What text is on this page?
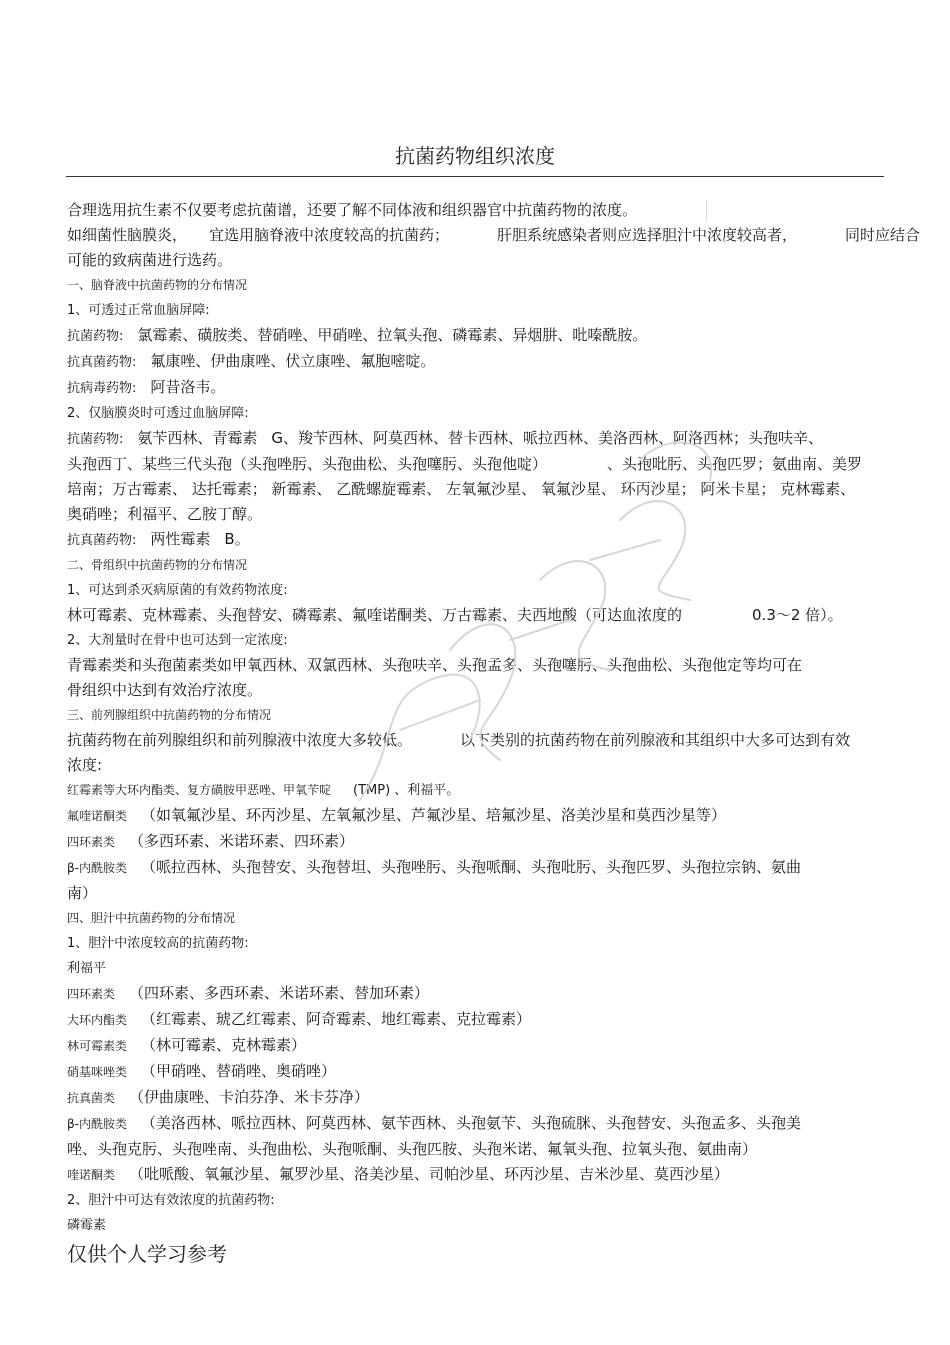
抗菌药物组织浓度

合理选用抗生素不仅要考虑抗菌谱，还要了解不同体液和组织器官中抗菌药物的浓度。

如细菌性脑膜炎， 宜选用脑脊液中浓度较高的抗菌药；	肝胆系统感染者则应选择胆汁中浓度较高者，	同时应结合

可能的致病菌进行选药。

一、脑脊液中抗菌药物的分布情况

1、可透过正常血脑屏障:

抗菌药物: 氯霉素、磺胺类、替硝唑、甲硝唑、拉氧头孢、磷霉素、异烟肼、吡嗪酰胺。

抗真菌药物: 氟康唑、伊曲康唑、伏立康唑、氟胞嘧啶。

抗病毒药物: 阿昔洛韦。

2、仅脑膜炎时可透过血脑屏障:

抗菌药物: 氨苄西林、青霉素 G、羧苄西林、阿莫西林、替卡西林、哌拉西林、美洛西林、阿洛西林；头孢呋辛、

头孢西丁、某些三代头孢（头孢唑肟、头孢曲松、头孢噻肟、头孢他啶）	、头孢吡肟、头孢匹罗；氨曲南、美罗

培南；万古霉素、 达托霉素； 新霉素、 乙酰螺旋霉素、 左氧氟沙星、 氧氟沙星、 环丙沙星； 阿米卡星； 克林霉素、

奥硝唑；利福平、乙胺丁醇。

抗真菌药物: 两性霉素 B。

二、骨组织中抗菌药物的分布情况

1、可达到杀灭病原菌的有效药物浓度:

林可霉素、克林霉素、头孢替安、磷霉素、氟喹诺酮类、万古霉素、夫西地酸（可达血浓度的	0.3～2 倍）。

2、大剂量时在骨中也可达到一定浓度:

青霉素类和头孢菌素类如甲氧西林、双氯西林、头孢呋辛、头孢孟多、头孢噻肟、头孢曲松、头孢他定等均可在

骨组织中达到有效治疗浓度。

三、前列腺组织中抗菌药物的分布情况

抗菌药物在前列腺组织和前列腺液中浓度大多较低。	以下类别的抗菌药物在前列腺液和其组织中大多可达到有效

浓度:

红霉素等大环内酯类、复方磺胺甲恶唑、甲氧苄啶 (TMP) 、利福平。

氟喹诺酮类 （如氧氟沙星、环丙沙星、左氧氟沙星、芦氟沙星、培氟沙星、洛美沙星和莫西沙星等）

四环素类 （多西环素、米诺环素、四环素）

β-内酰胺类 （哌拉西林、头孢替安、头孢替坦、头孢唑肟、头孢哌酮、头孢吡肟、头孢匹罗、头孢拉宗钠、氨曲

南）

四、胆汁中抗菌药物的分布情况

1、胆汁中浓度较高的抗菌药物:

利福平

四环素类 （四环素、多西环素、米诺环素、替加环素）

大环内酯类 （红霉素、琥乙红霉素、阿奇霉素、地红霉素、克拉霉素）

林可霉素类 （林可霉素、克林霉素）

硝基咪唑类 （甲硝唑、替硝唑、奥硝唑）

抗真菌类 （伊曲康唑、卡泊芬净、米卡芬净）

β-内酰胺类 （美洛西林、哌拉西林、阿莫西林、氨苄西林、头孢氨苄、头孢硫脒、头孢替安、头孢孟多、头孢美

唑、头孢克肟、头孢唑南、头孢曲松、头孢哌酮、头孢匹胺、头孢米诺、氟氧头孢、拉氧头孢、氨曲南）

喹诺酮类 （吡哌酸、氧氟沙星、氟罗沙星、洛美沙星、司帕沙星、环丙沙星、吉米沙星、莫西沙星）

2、胆汁中可达有效浓度的抗菌药物:

磷霉素

仅供个人学习参考
